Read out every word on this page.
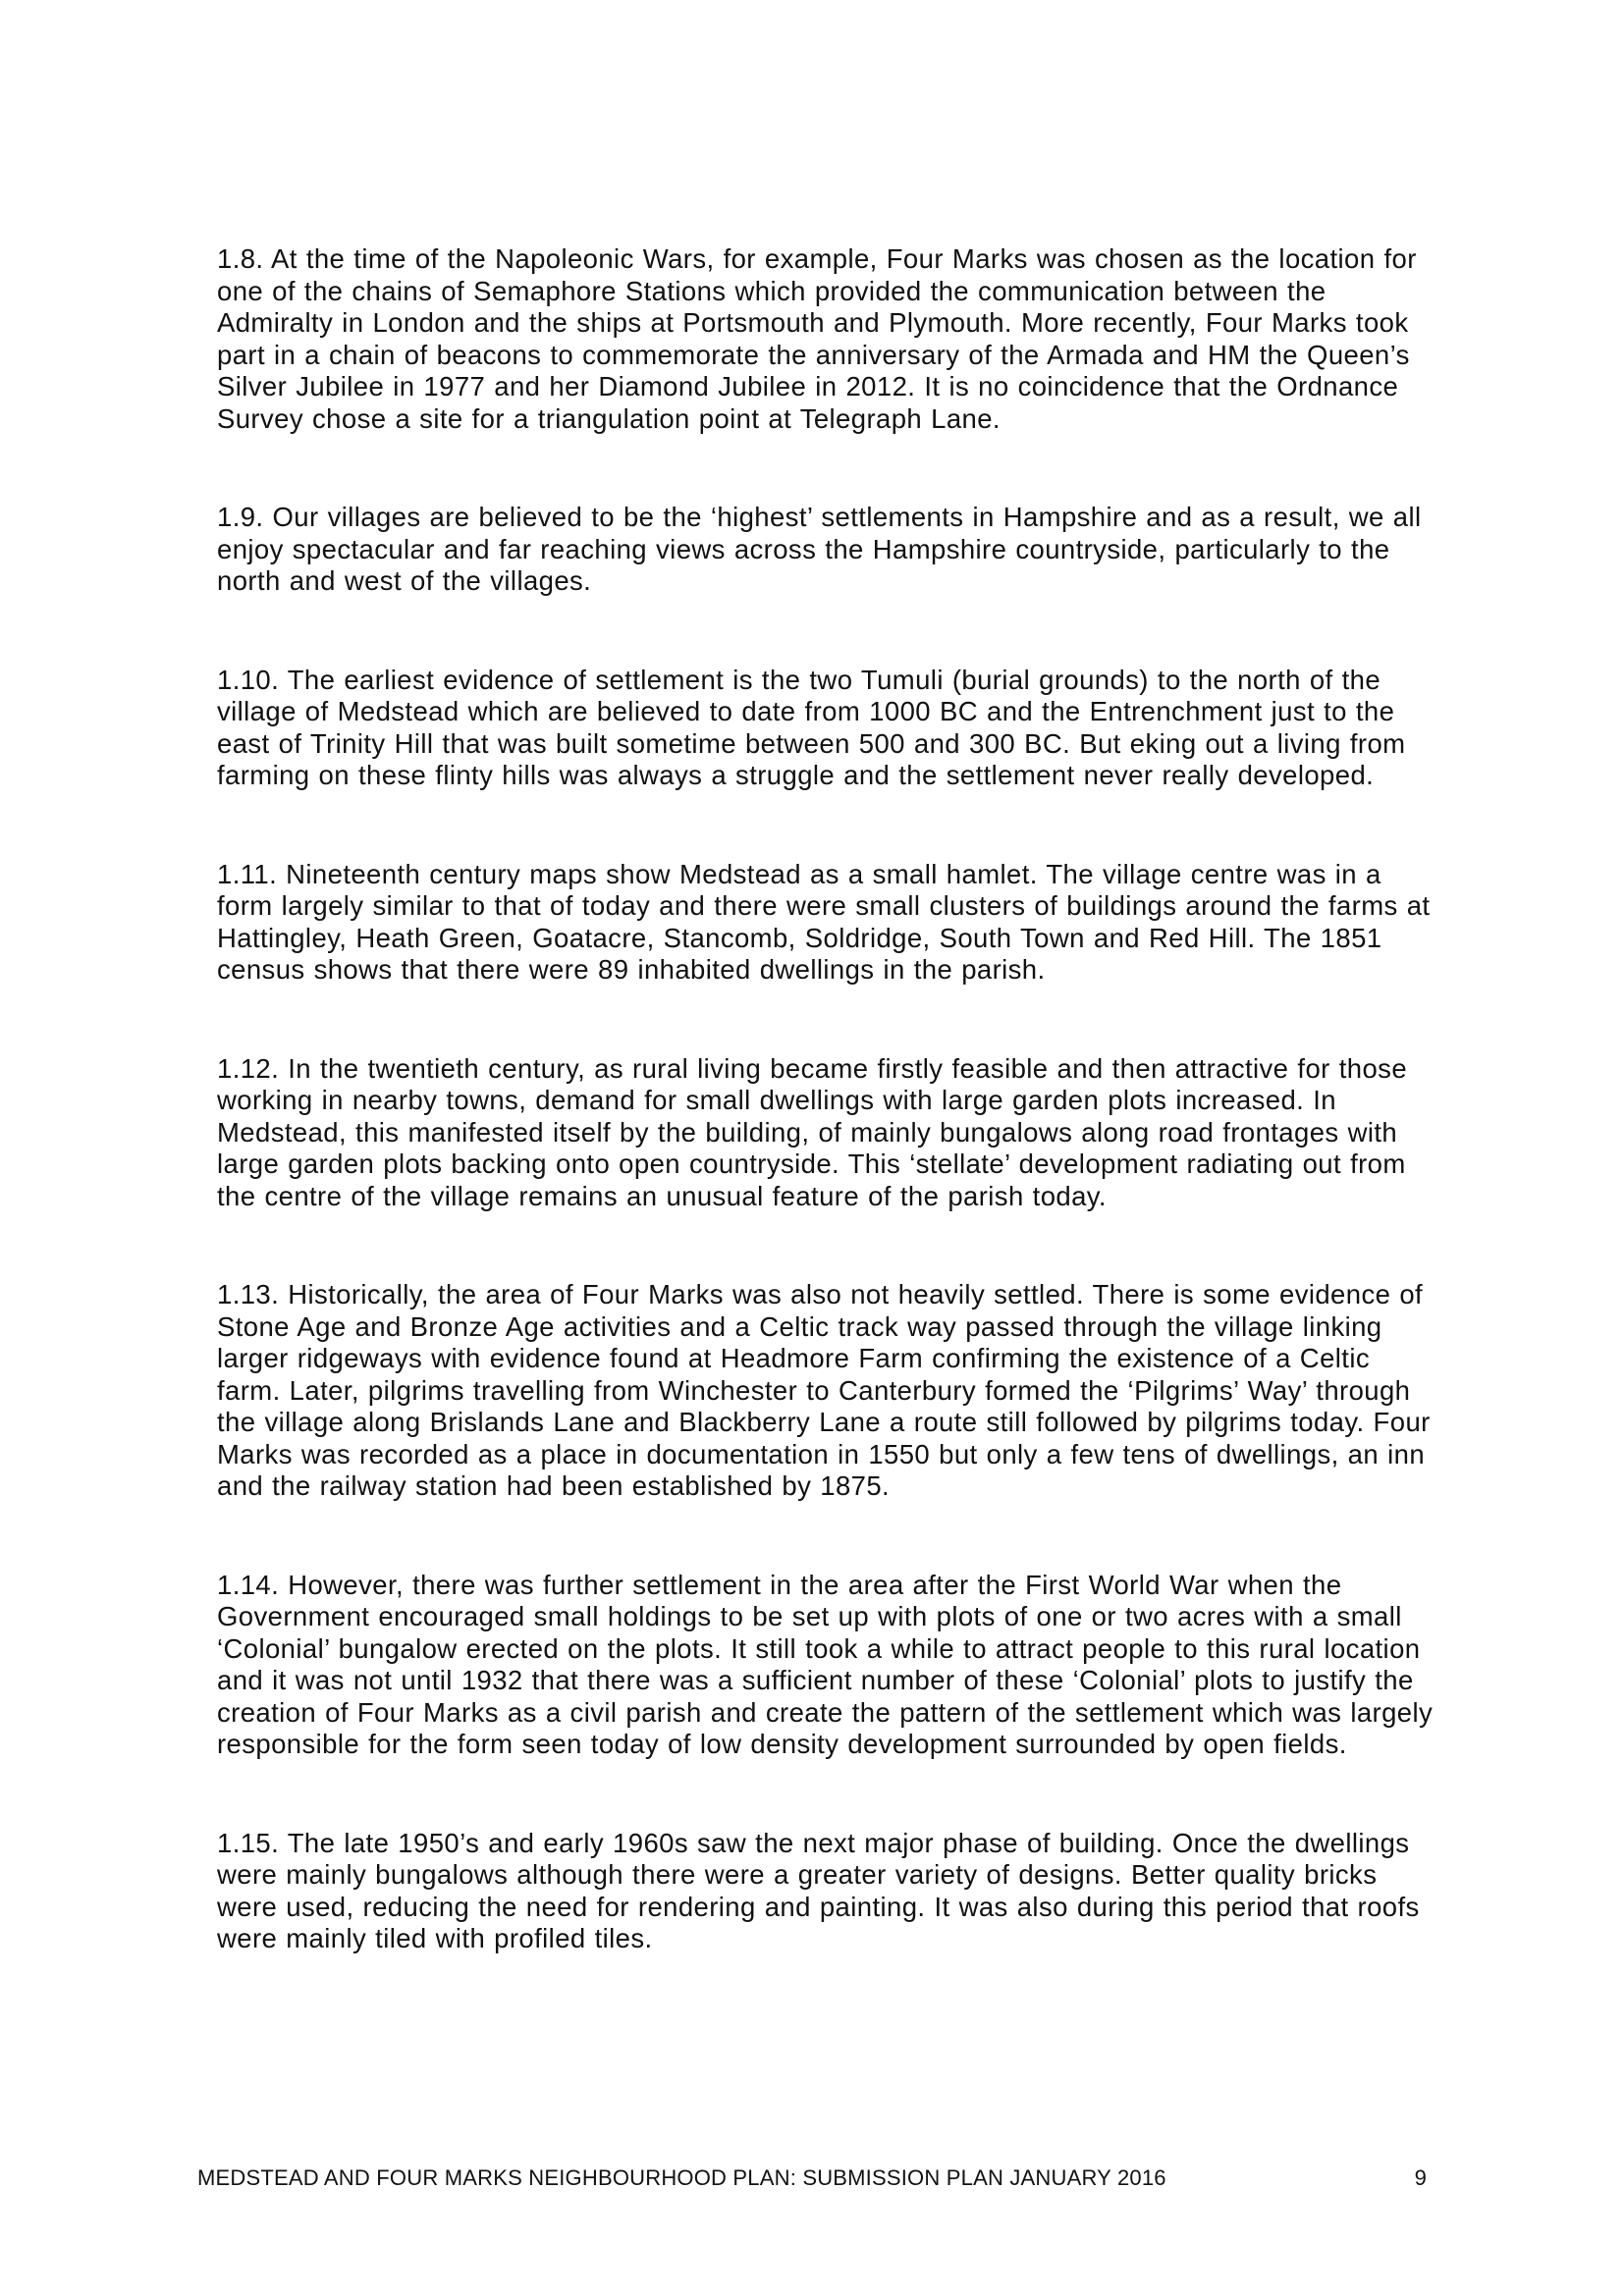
1.8. At the time of the Napoleonic Wars, for example, Four Marks was chosen as the location for one of the chains of Semaphore Stations which provided the communication between the Admiralty in London and the ships at Portsmouth and Plymouth. More recently, Four Marks took part in a chain of beacons to commemorate the anniversary of the Armada and HM the Queen’s Silver Jubilee in 1977 and her Diamond Jubilee in 2012. It is no coincidence that the Ordnance Survey chose a site for a triangulation point at Telegraph Lane.

1.9. Our villages are believed to be the ‘highest’ settlements in Hampshire and as a result, we all enjoy spectacular and far reaching views across the Hampshire countryside, particularly to the north and west of the villages.

1.10. The earliest evidence of settlement is the two Tumuli (burial grounds) to the north of the village of Medstead which are believed to date from 1000 BC and the Entrenchment just to the east of Trinity Hill that was built sometime between 500 and 300 BC. But eking out a living from farming on these flinty hills was always a struggle and the settlement never really developed.

1.11. Nineteenth century maps show Medstead as a small hamlet. The village centre was in a form largely similar to that of today and there were small clusters of buildings around the farms at Hattingley, Heath Green, Goatacre, Stancomb, Soldridge, South Town and Red Hill. The 1851 census shows that there were 89 inhabited dwellings in the parish.

1.12. In the twentieth century, as rural living became firstly feasible and then attractive for those working in nearby towns, demand for small dwellings with large garden plots increased. In Medstead, this manifested itself by the building, of mainly bungalows along road frontages with large garden plots backing onto open countryside. This ‘stellate’ development radiating out from the centre of the village remains an unusual feature of the parish today.

1.13. Historically, the area of Four Marks was also not heavily settled. There is some evidence of Stone Age and Bronze Age activities and a Celtic track way passed through the village linking larger ridgeways with evidence found at Headmore Farm confirming the existence of a Celtic farm. Later, pilgrims travelling from Winchester to Canterbury formed the ‘Pilgrims’ Way’ through the village along Brislands Lane and Blackberry Lane a route still followed by pilgrims today. Four Marks was recorded as a place in documentation in 1550 but only a few tens of dwellings, an inn and the railway station had been established by 1875.

1.14. However, there was further settlement in the area after the First World War when the Government encouraged small holdings to be set up with plots of one or two acres with a small ‘Colonial’ bungalow erected on the plots. It still took a while to attract people to this rural location and it was not until 1932 that there was a sufficient number of these ‘Colonial’ plots to justify the creation of Four Marks as a civil parish and create the pattern of the settlement which was largely responsible for the form seen today of low density development surrounded by open fields.

1.15. The late 1950’s and early 1960s saw the next major phase of building. Once the dwellings were mainly bungalows although there were a greater variety of designs. Better quality bricks were used, reducing the need for rendering and painting. It was also during this period that roofs were mainly tiled with profiled tiles.

MEDSTEAD AND FOUR MARKS NEIGHBOURHOOD PLAN: SUBMISSION PLAN JANUARY 2016	9
